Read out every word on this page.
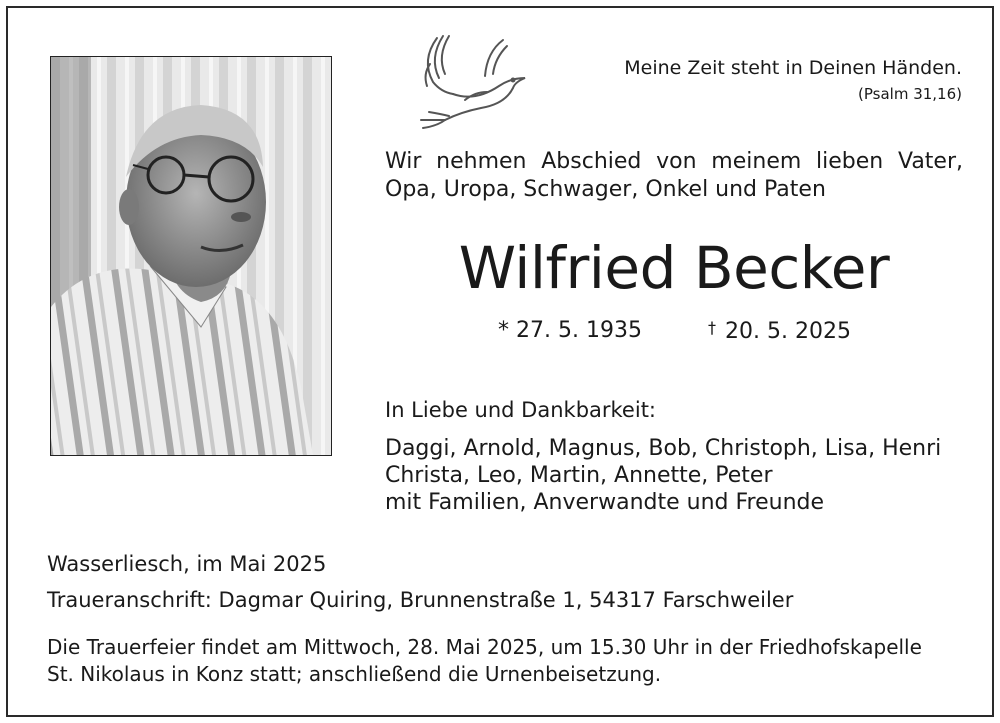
Meine Zeit steht in Deinen Händen.
(Psalm 31,16)
Wir nehmen Abschied von meinem lieben Vater, Opa, Uropa, Schwager, Onkel und Paten
Wilfried Becker
* 27. 5. 1935	† 20. 5. 2025
In Liebe und Dankbarkeit:
Daggi, Arnold, Magnus, Bob, Christoph, Lisa, Henri
Christa, Leo, Martin, Annette, Peter
mit Familien, Anverwandte und Freunde
Wasserliesch, im Mai 2025
Traueranschrift: Dagmar Quiring, Brunnenstraße 1, 54317 Farschweiler
Die Trauerfeier findet am Mittwoch, 28. Mai 2025, um 15.30 Uhr in der Friedhofskapelle
St. Nikolaus in Konz statt; anschließend die Urnenbeisetzung.
